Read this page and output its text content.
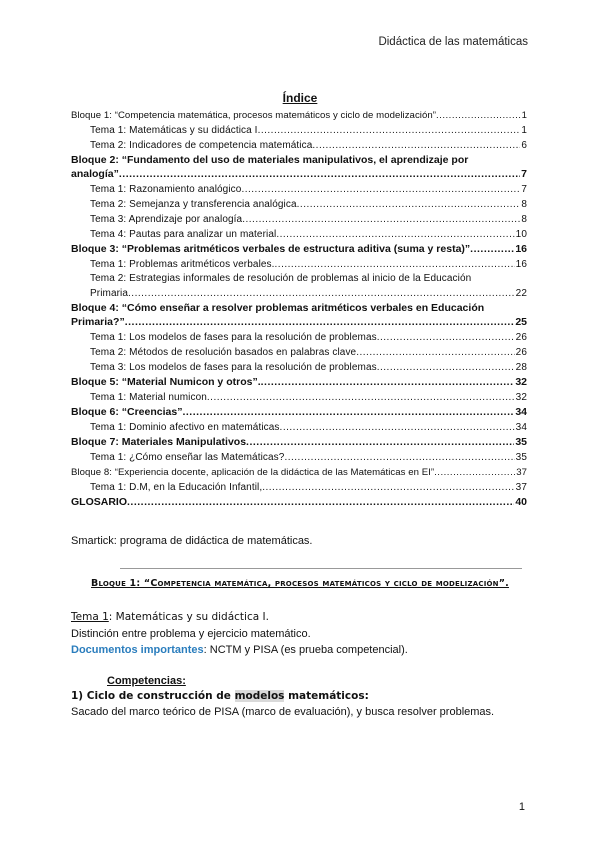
Didáctica de las matemáticas
Índice
Bloque 1: “Competencia matemática, procesos matemáticos y ciclo de modelización” .....	1
Tema 1: Matemáticas y su didáctica I .....	1
Tema 2: Indicadores de competencia matemática .....	6
Bloque 2: “Fundamento del uso de materiales manipulativos, el aprendizaje por
analogía” .....	7
Tema 1: Razonamiento analógico .....	7
Tema 2: Semejanza y transferencia analógica .....	8
Tema 3: Aprendizaje por analogía .....	8
Tema 4: Pautas para analizar un material .....	10
Bloque 3: “Problemas aritméticos verbales de estructura aditiva (suma y resta)” .....	16
Tema 1: Problemas aritméticos verbales. .....	16
Tema 2: Estrategias informales de resolución de problemas al inicio de la Educación
Primaria .....	22
Bloque 4: “Cómo enseñar a resolver problemas aritméticos verbales en Educación
Primaria?” .....	25
Tema 1: Los modelos de fases para la resolución de problemas .....	26
Tema 2: Métodos de resolución basados en palabras clave .....	26
Tema 3: Los modelos de fases para la resolución de problemas .....	28
Bloque 5: “Material Numicon y otros”. .....	32
Tema 1: Material numicon .....	32
Bloque 6: “Creencias” .....	34
Tema 1: Dominio afectivo en matemáticas .....	34
Bloque 7: Materiales Manipulativos .....	35
Tema 1: ¿Cómo enseñar las Matemáticas? .....	35
Bloque 8: “Experiencia docente, aplicación de la didáctica de las Matemáticas en EI” .....	37
Tema 1: D.M, en la Educación Infantil, .....	37
GLOSARIO .....	40
Smartick: programa de didáctica de matemáticas.
Bloque 1: “Competencia matemática, procesos matemáticos y ciclo de modelización”.
Tema 1: Matemáticas y su didáctica I.
Distinción entre problema y ejercicio matemático.
Documentos importantes: NCTM y PISA (es prueba competencial).
Competencias:
1) Ciclo de construcción de modelos matemáticos:
Sacado del marco teórico de PISA (marco de evaluación), y busca resolver problemas.
1
